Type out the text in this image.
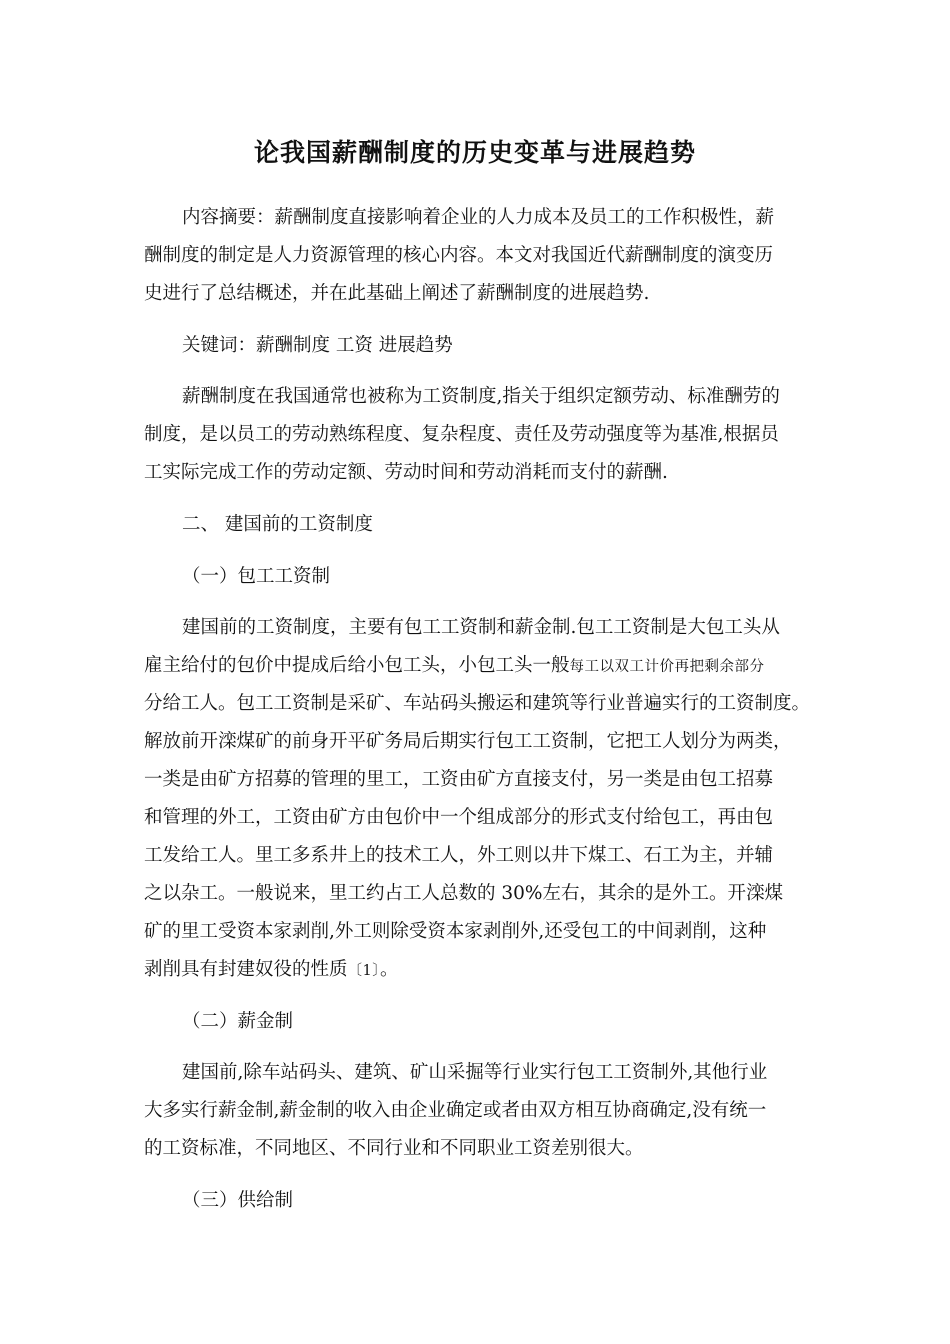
论我国薪酬制度的历史变革与进展趋势
内容摘要：薪酬制度直接影响着企业的人力成本及员工的工作积极性，薪
酬制度的制定是人力资源管理的核心内容。本文对我国近代薪酬制度的演变历
史进行了总结概述，并在此基础上阐述了薪酬制度的进展趋势.
关键词：薪酬制度 工资 进展趋势
薪酬制度在我国通常也被称为工资制度,指关于组织定额劳动、标准酬劳的
制度，是以员工的劳动熟练程度、复杂程度、责任及劳动强度等为基准,根据员
工实际完成工作的劳动定额、劳动时间和劳动消耗而支付的薪酬.
二、 建国前的工资制度
（一）包工工资制
建国前的工资制度，主要有包工工资制和薪金制.包工工资制是大包工头从
雇主给付的包价中提成后给小包工头，小包工头一般每工以双工计价再把剩余部分
分给工人。包工工资制是采矿、车站码头搬运和建筑等行业普遍实行的工资制度。
解放前开滦煤矿的前身开平矿务局后期实行包工工资制，它把工人划分为两类，
一类是由矿方招募的管理的里工，工资由矿方直接支付，另一类是由包工招募
和管理的外工，工资由矿方由包价中一个组成部分的形式支付给包工，再由包
工发给工人。里工多系井上的技术工人，外工则以井下煤工、石工为主，并辅
之以杂工。一般说来，里工约占工人总数的 30%左右，其余的是外工。开滦煤
矿的里工受资本家剥削,外工则除受资本家剥削外,还受包工的中间剥削，这种
剥削具有封建奴役的性质〔1〕。
（二）薪金制
建国前,除车站码头、建筑、矿山采掘等行业实行包工工资制外,其他行业
大多实行薪金制,薪金制的收入由企业确定或者由双方相互协商确定,没有统一
的工资标准，不同地区、不同行业和不同职业工资差别很大。
（三）供给制
